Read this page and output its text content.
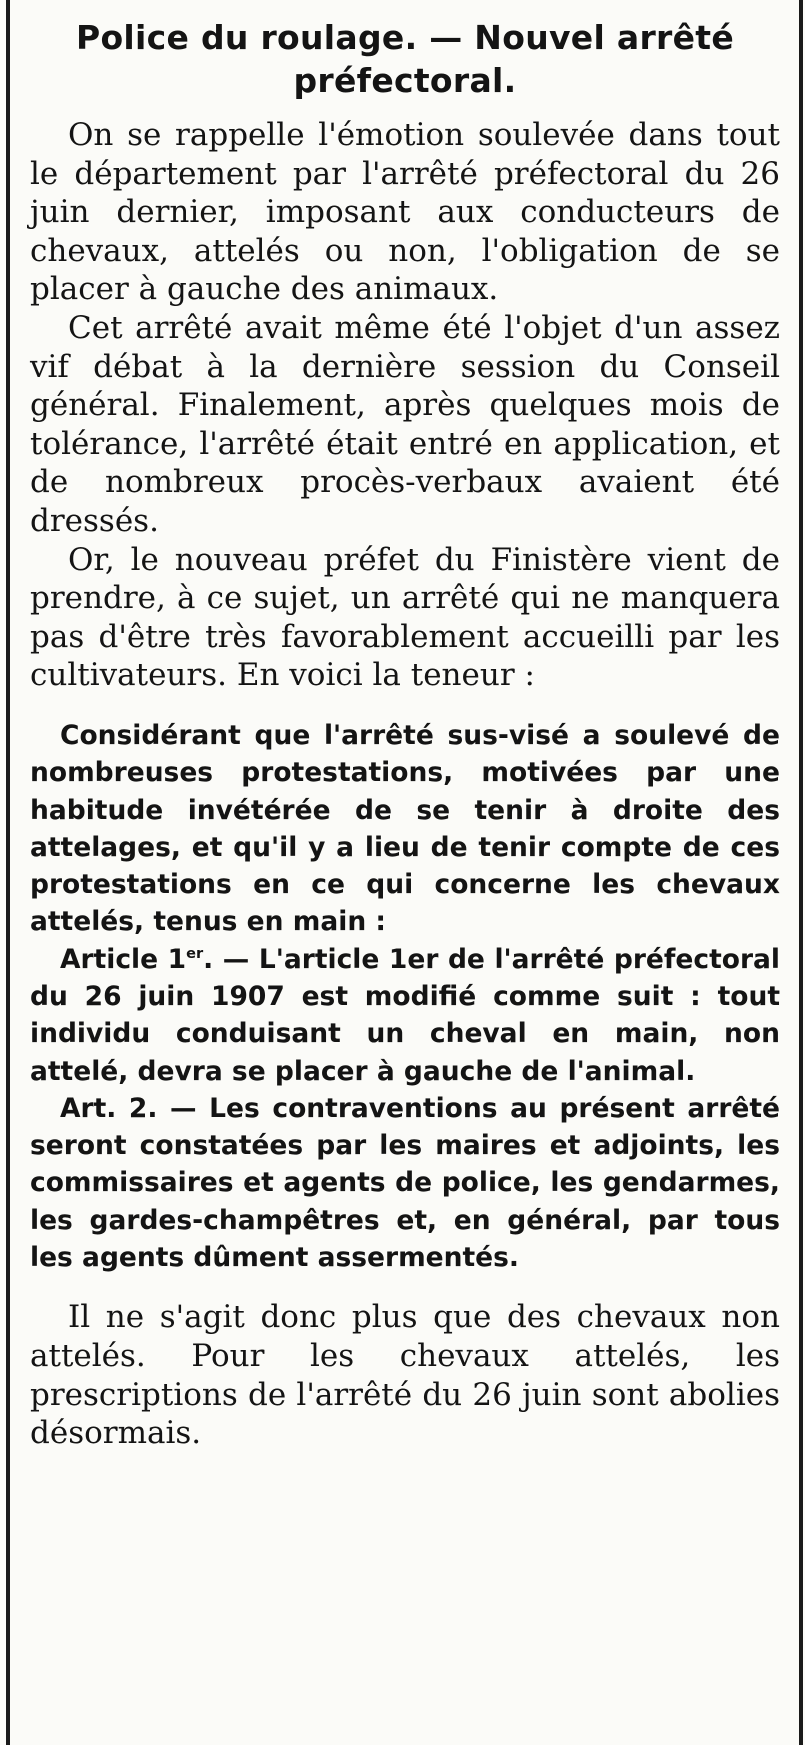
Police du roulage. — Nouvel arrêté préfectoral.

On se rappelle l'émotion soulevée dans tout le département par l'arrêté préfectoral du 26 juin dernier, imposant aux conducteurs de chevaux, attelés ou non, l'obligation de se placer à gauche des animaux.

Cet arrêté avait même été l'objet d'un assez vif débat à la dernière session du Conseil général. Finalement, après quelques mois de tolérance, l'arrêté était entré en application, et de nombreux procès-verbaux avaient été dressés.

Or, le nouveau préfet du Finistère vient de prendre, à ce sujet, un arrêté qui ne manquera pas d'être très favorablement accueilli par les cultivateurs. En voici la teneur :

Considérant que l'arrêté sus-visé a soulevé de nombreuses protestations, motivées par une habitude invétérée de se tenir à droite des attelages, et qu'il y a lieu de tenir compte de ces protestations en ce qui concerne les chevaux attelés, tenus en main :

Article 1er. — L'article 1er de l'arrêté préfectoral du 26 juin 1907 est modifié comme suit : tout individu conduisant un cheval en main, non attelé, devra se placer à gauche de l'animal.

Art. 2. — Les contraventions au présent arrêté seront constatées par les maires et adjoints, les commissaires et agents de police, les gendarmes, les gardes-champêtres et, en général, par tous les agents dûment assermentés.

Il ne s'agit donc plus que des chevaux non attelés. Pour les chevaux attelés, les prescriptions de l'arrêté du 26 juin sont abolies désormais.
